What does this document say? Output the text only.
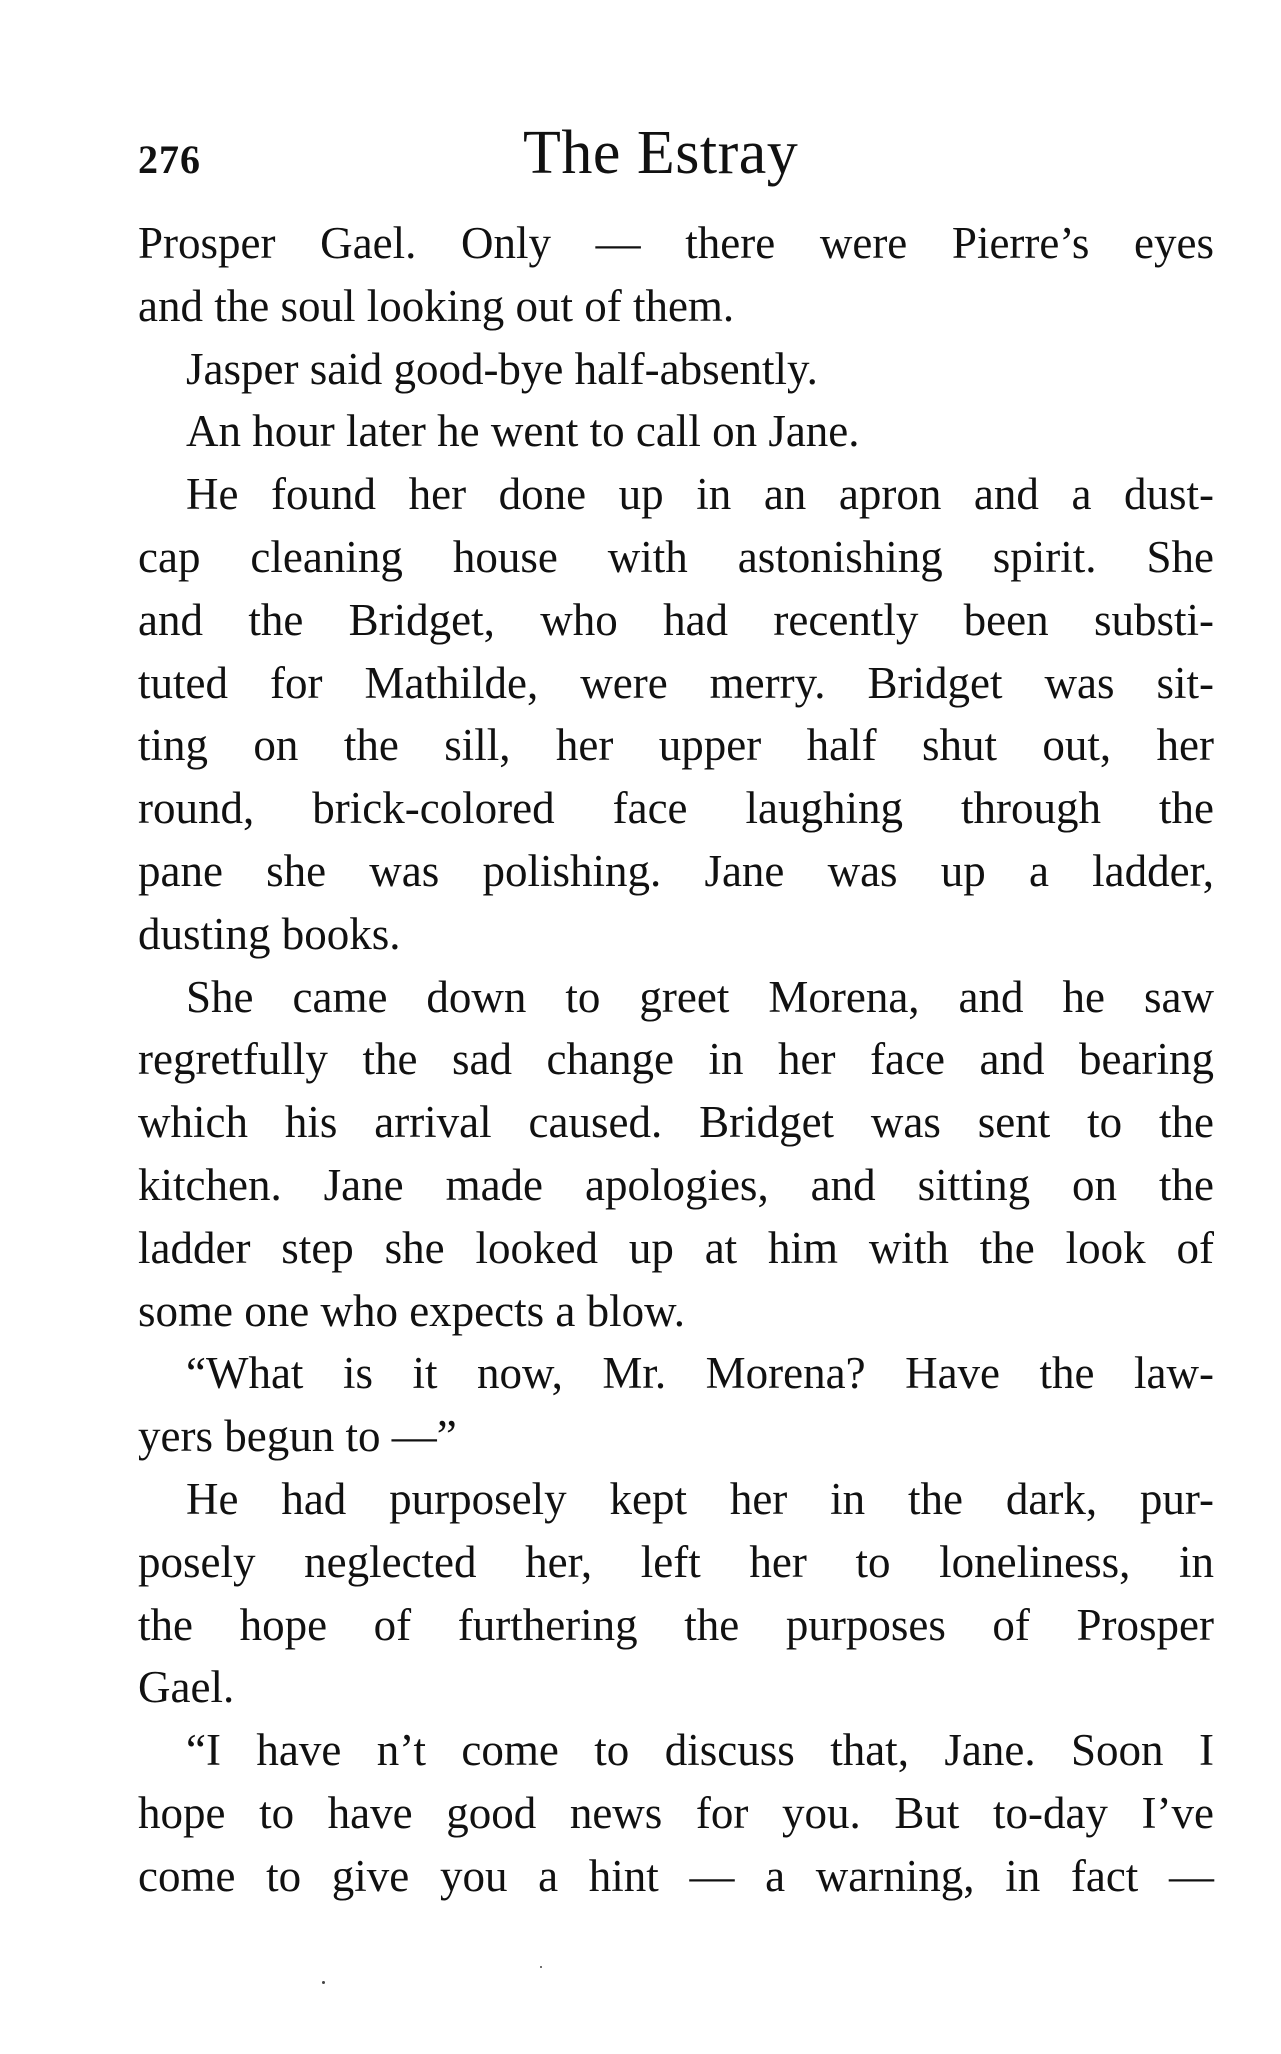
276	The Estray
Prosper Gael. Only — there were Pierre’s eyes
and the soul looking out of them.
Jasper said good-bye half-absently.
An hour later he went to call on Jane.
He found her done up in an apron and a dust-
cap cleaning house with astonishing spirit. She
and the Bridget, who had recently been substi-
tuted for Mathilde, were merry. Bridget was sit-
ting on the sill, her upper half shut out, her
round, brick-colored face laughing through the
pane she was polishing. Jane was up a ladder,
dusting books.
She came down to greet Morena, and he saw
regretfully the sad change in her face and bearing
which his arrival caused. Bridget was sent to the
kitchen. Jane made apologies, and sitting on the
ladder step she looked up at him with the look of
some one who expects a blow.
“What is it now, Mr. Morena? Have the law-
yers begun to —”
He had purposely kept her in the dark, pur-
posely neglected her, left her to loneliness, in
the hope of furthering the purposes of Prosper
Gael.
“I have n’t come to discuss that, Jane. Soon I
hope to have good news for you. But to-day I’ve
come to give you a hint — a warning, in fact —
